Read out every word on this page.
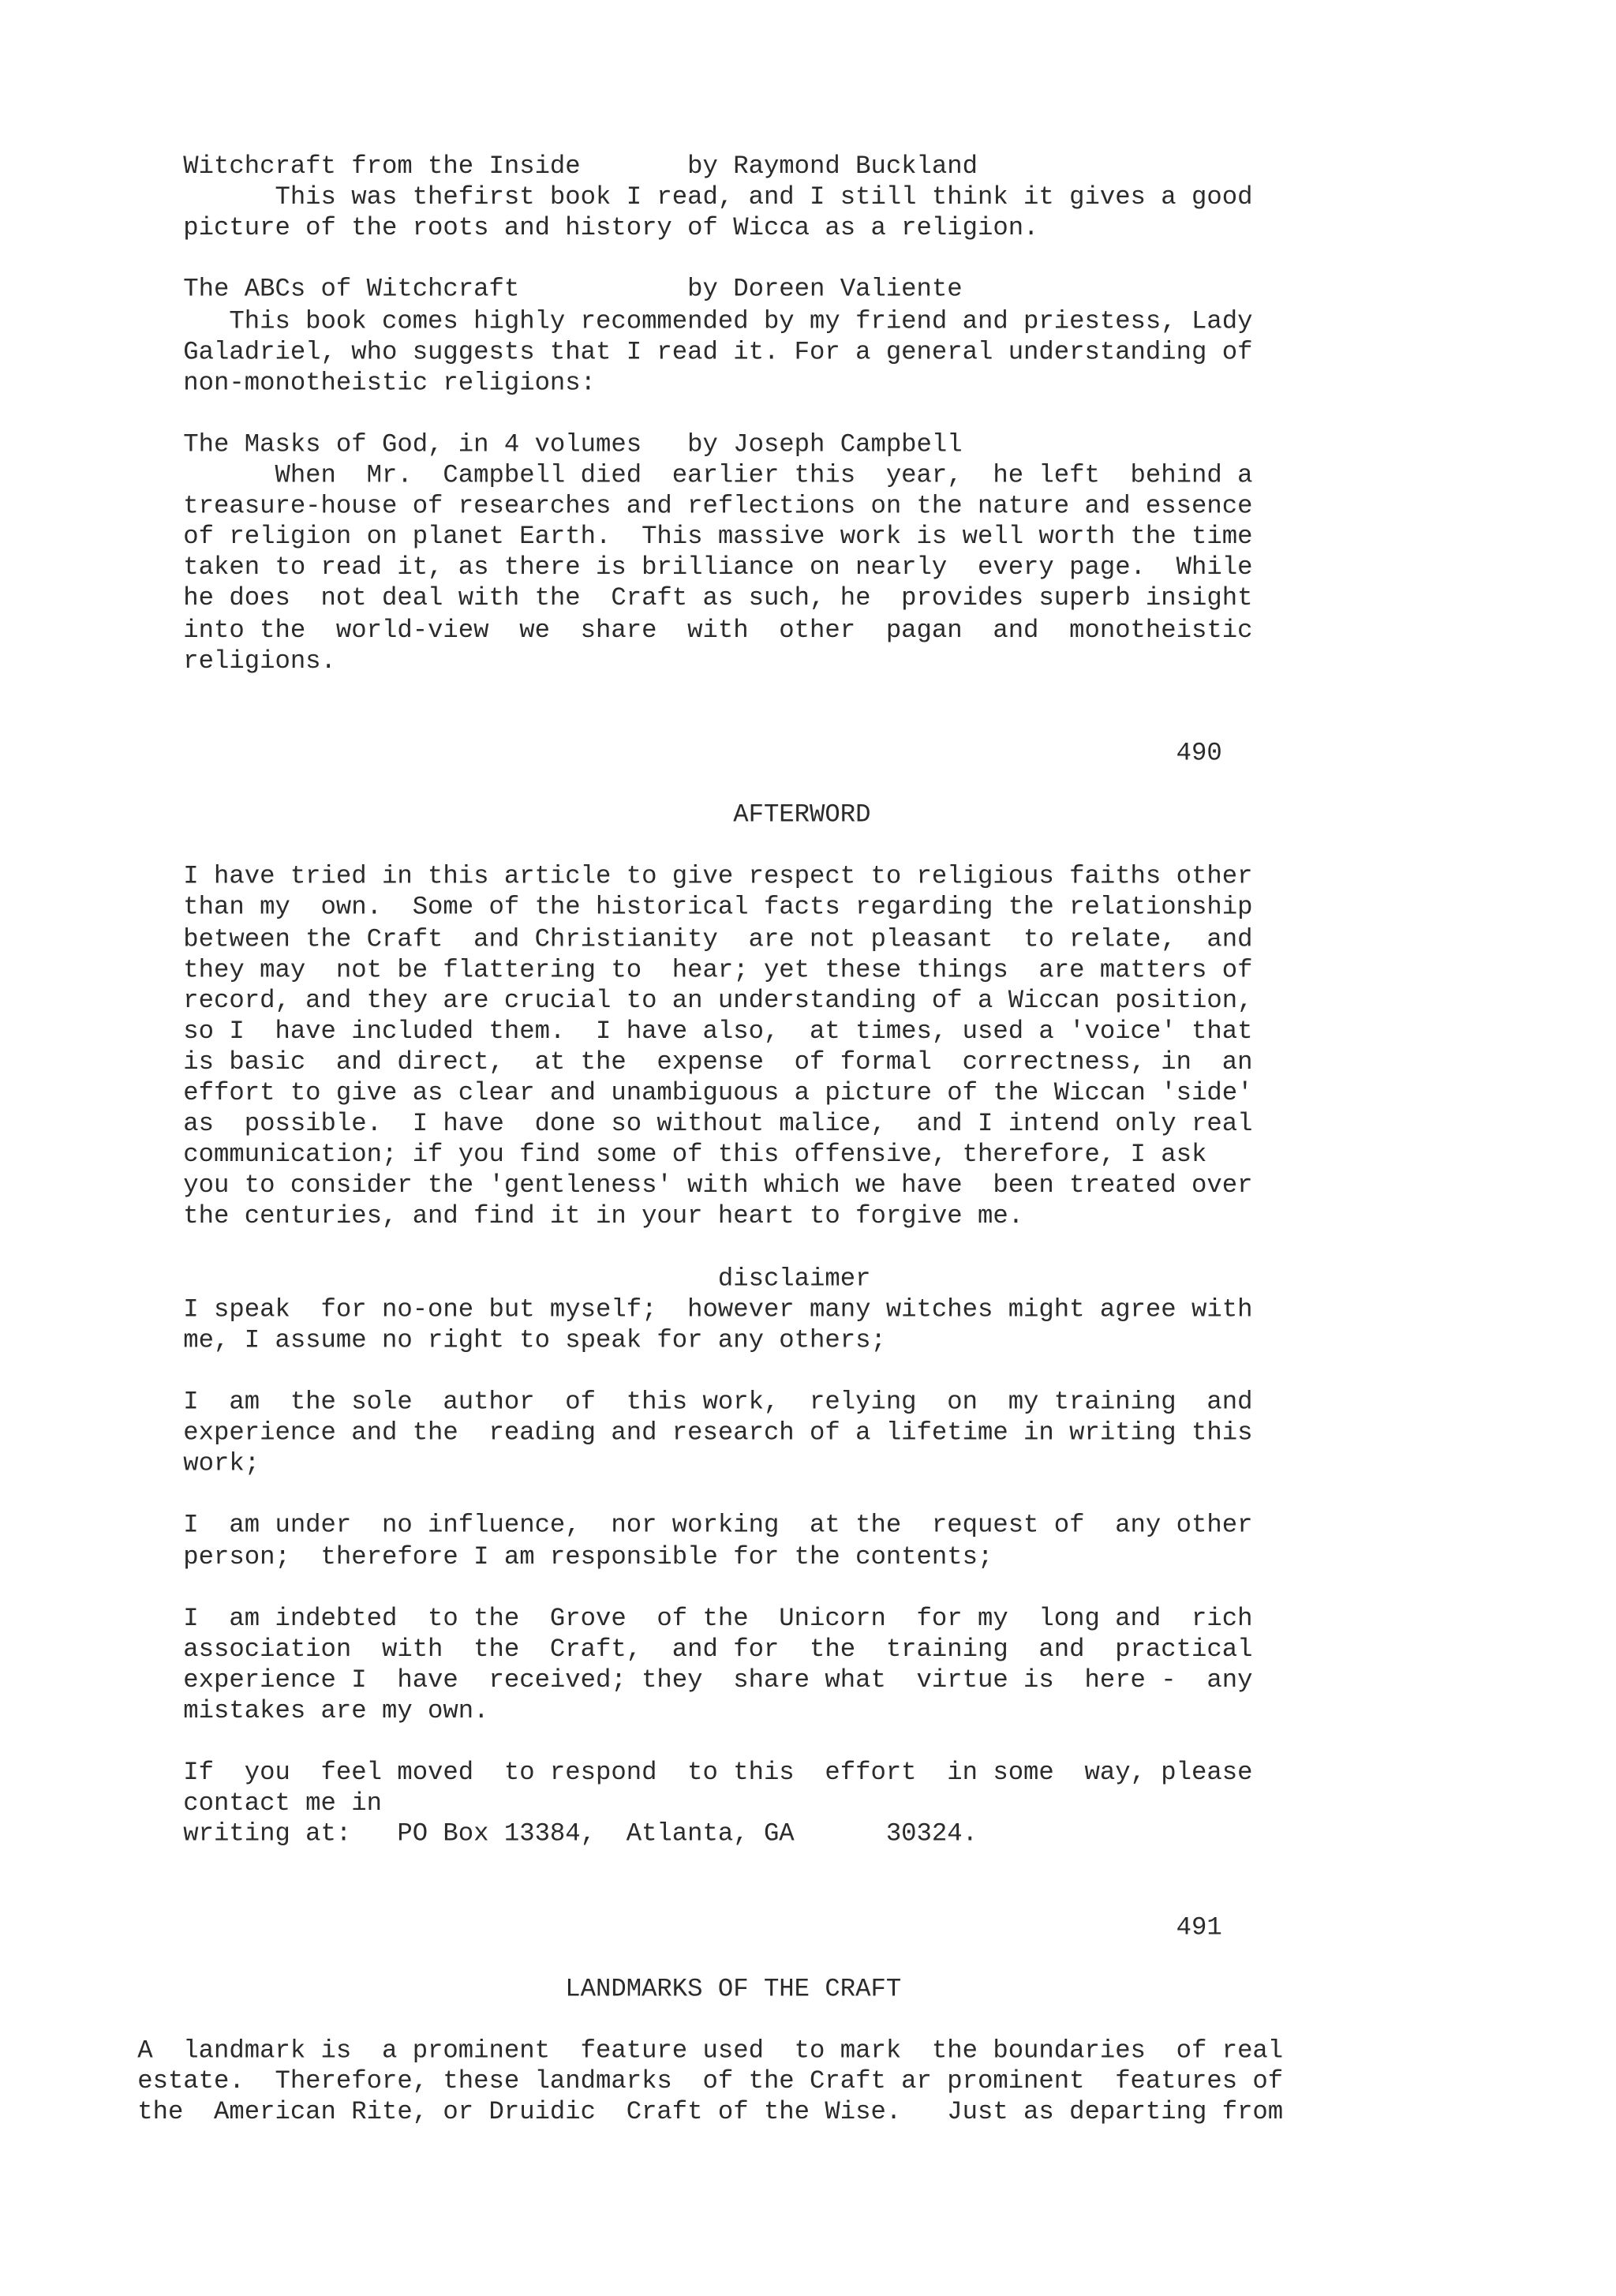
Witchcraft from the Inside       by Raymond Buckland
This was thefirst book I read, and I still think it gives a good
picture of the roots and history of Wicca as a religion.
The ABCs of Witchcraft           by Doreen Valiente
This book comes highly recommended by my friend and priestess, Lady
Galadriel, who suggests that I read it. For a general understanding of
non-monotheistic religions:
The Masks of God, in 4 volumes   by Joseph Campbell
When  Mr.  Campbell died  earlier this  year,  he left  behind a
treasure-house of researches and reflections on the nature and essence
of religion on planet Earth.  This massive work is well worth the time
taken to read it, as there is brilliance on nearly  every page.  While
he does  not deal with the  Craft as such, he  provides superb insight
into the  world-view  we  share  with  other  pagan  and  monotheistic
religions.
490
AFTERWORD
I have tried in this article to give respect to religious faiths other
than my  own.  Some of the historical facts regarding the relationship
between the Craft  and Christianity  are not pleasant  to relate,  and
they may  not be flattering to  hear; yet these things  are matters of
record, and they are crucial to an understanding of a Wiccan position,
so I  have included them.  I have also,  at times, used a 'voice' that
is basic  and direct,  at the  expense  of formal  correctness, in  an
effort to give as clear and unambiguous a picture of the Wiccan 'side'
as  possible.  I have  done so without malice,  and I intend only real
communication; if you find some of this offensive, therefore, I ask
you to consider the 'gentleness' with which we have  been treated over
the centuries, and find it in your heart to forgive me.
disclaimer
I speak  for no-one but myself;  however many witches might agree with
me, I assume no right to speak for any others;
I  am  the sole  author  of  this work,  relying  on  my training  and
experience and the  reading and research of a lifetime in writing this
work;
I  am under  no influence,  nor working  at the  request of  any other
person;  therefore I am responsible for the contents;
I  am indebted  to the  Grove  of the  Unicorn  for my  long and  rich
association  with  the  Craft,  and for  the  training  and  practical
experience I  have  received; they  share what  virtue is  here -  any
mistakes are my own.
If  you  feel moved  to respond  to this  effort  in some  way, please
contact me in
writing at:   PO Box 13384,  Atlanta, GA      30324.
491
LANDMARKS OF THE CRAFT
A  landmark is  a prominent  feature used  to mark  the boundaries  of real
estate.  Therefore, these landmarks  of the Craft ar prominent  features of
the  American Rite, or Druidic  Craft of the Wise.   Just as departing from
